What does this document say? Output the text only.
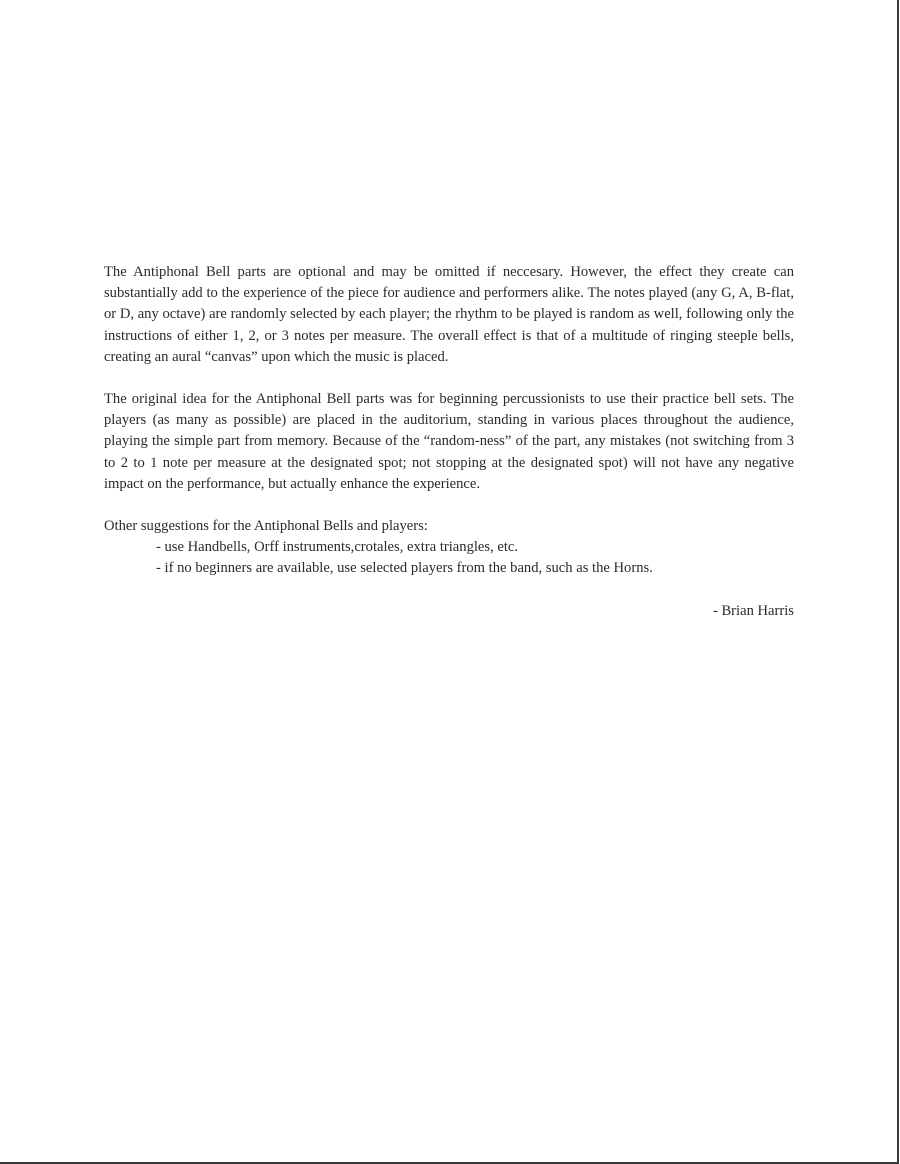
The Antiphonal Bell parts are optional and may be omitted if neccesary. However, the effect they create can substantially add to the experience of the piece for audience and performers alike. The notes played (any G, A, B-flat, or D, any octave) are randomly selected by each player; the rhythm to be played is random as well, following only the instructions of either 1, 2, or 3 notes per measure. The overall effect is that of a multitude of ringing steeple bells, creating an aural “canvas” upon which the music is placed.

The original idea for the Antiphonal Bell parts was for beginning percussionists to use their practice bell sets. The players (as many as possible) are placed in the auditorium, standing in various places throughout the audience, playing the simple part from memory. Because of the “random-ness” of the part, any mistakes (not switching from 3 to 2 to 1 note per measure at the designated spot; not stopping at the designated spot) will not have any negative impact on the performance, but actually enhance the experience.

Other suggestions for the Antiphonal Bells and players:

- use Handbells, Orff instruments,crotales, extra triangles, etc.
- if no beginners are available, use selected players from the band, such as the Horns.

- Brian Harris
